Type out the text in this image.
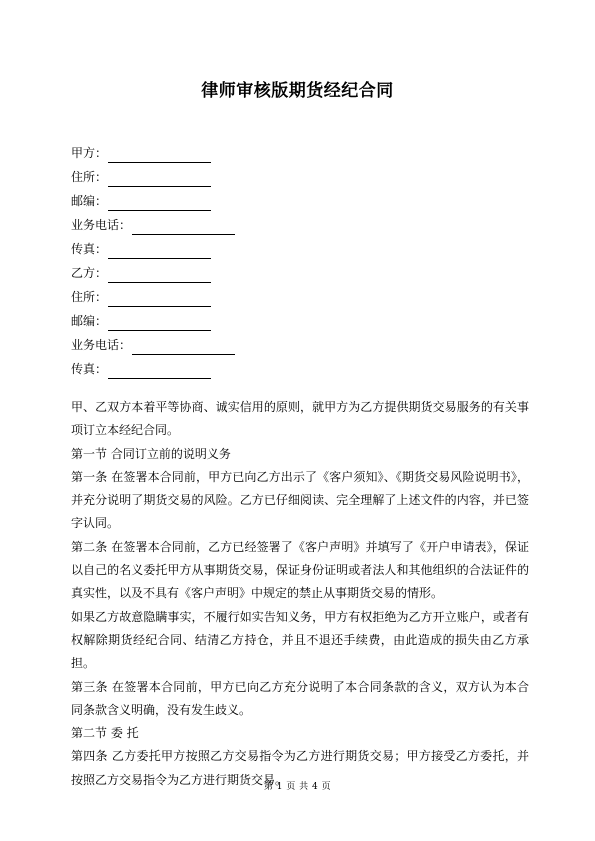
律师审核版期货经纪合同
甲方：
住所：
邮编：
业务电话：
传真：
乙方：
住所：
邮编：
业务电话：
传真：

甲、乙双方本着平等协商、诚实信用的原则，就甲方为乙方提供期货交易服务的有关事项订立本经纪合同。

第一节 合同订立前的说明义务

第一条 在签署本合同前，甲方已向乙方出示了《客户须知》、《期货交易风险说明书》，并充分说明了期货交易的风险。乙方已仔细阅读、完全理解了上述文件的内容，并已签字认同。

第二条 在签署本合同前，乙方已经签署了《客户声明》并填写了《开户申请表》，保证以自己的名义委托甲方从事期货交易，保证身份证明或者法人和其他组织的合法证件的真实性，以及不具有《客户声明》中规定的禁止从事期货交易的情形。

如果乙方故意隐瞒事实，不履行如实告知义务，甲方有权拒绝为乙方开立账户，或者有权解除期货经纪合同、结清乙方持仓，并且不退还手续费，由此造成的损失由乙方承担。

第三条 在签署本合同前，甲方已向乙方充分说明了本合同条款的含义，双方认为本合同条款含义明确，没有发生歧义。

第二节 委 托

第四条 乙方委托甲方按照乙方交易指令为乙方进行期货交易；甲方接受乙方委托，并按照乙方交易指令为乙方进行期货交易。

第 1 页 共 4 页
